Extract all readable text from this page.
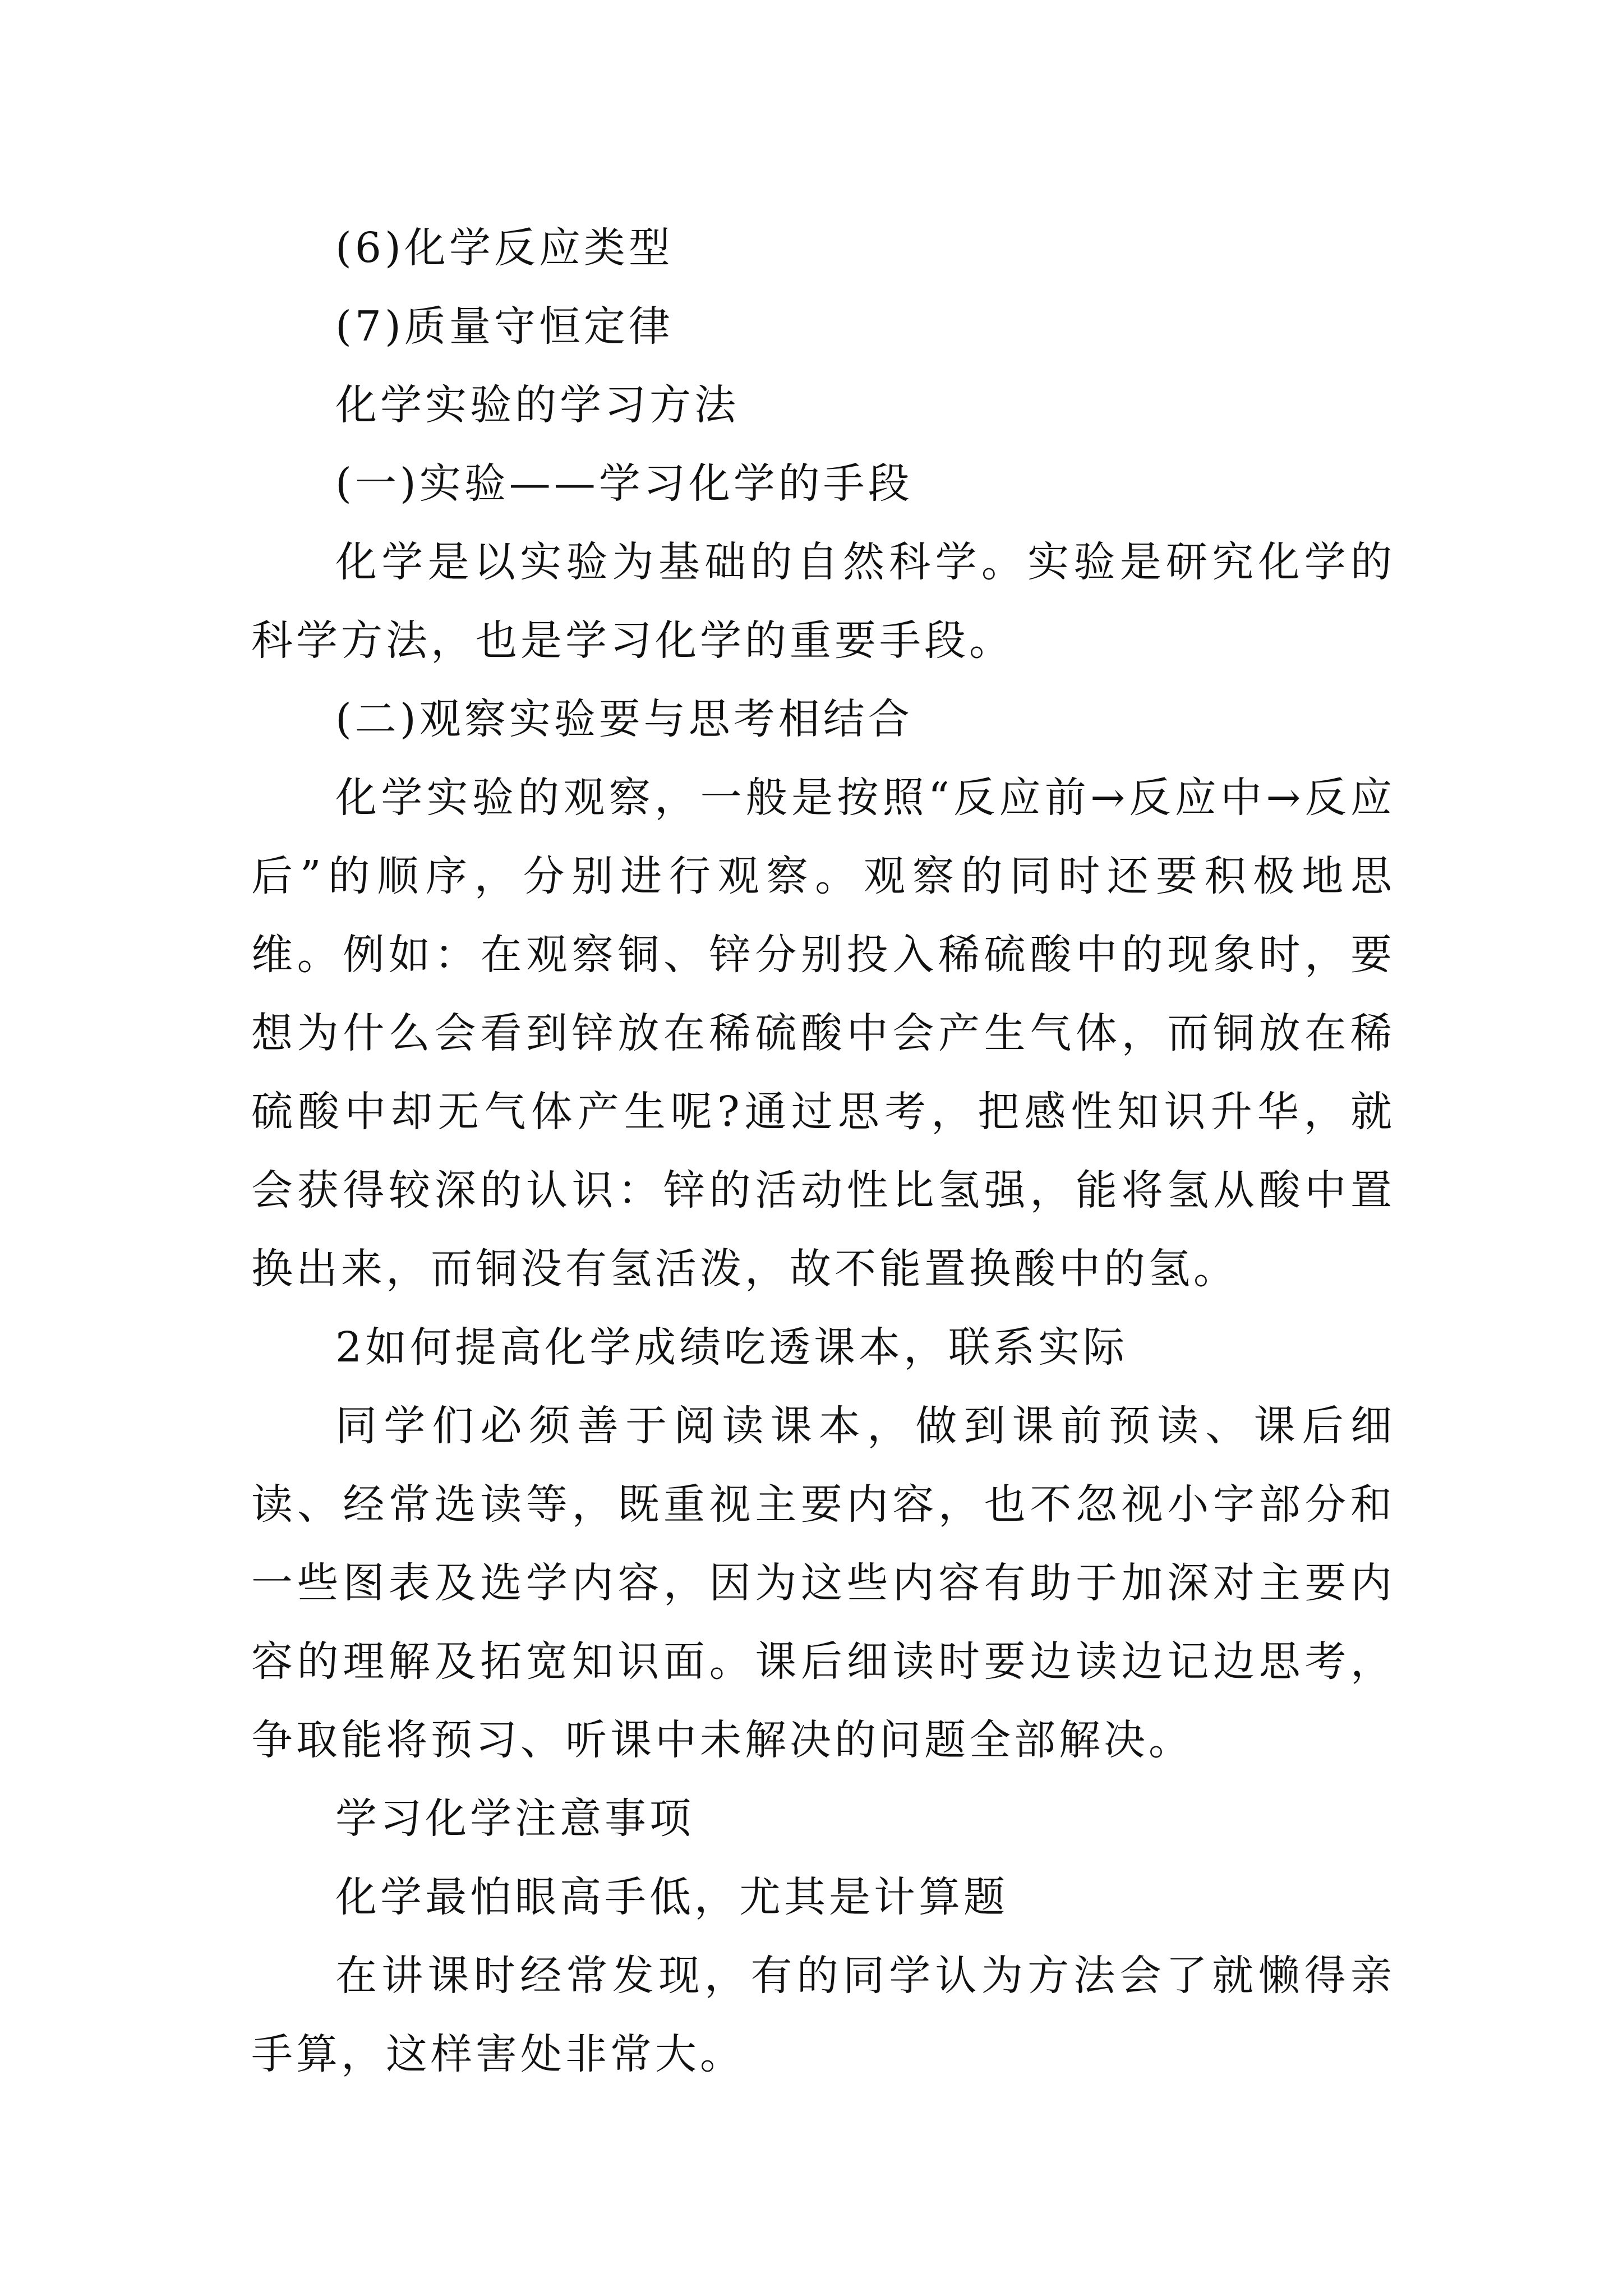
(6)化学反应类型

(7)质量守恒定律

化学实验的学习方法

(一)实验——学习化学的手段

化学是以实验为基础的自然科学。实验是研究化学的科学方法，也是学习化学的重要手段。

(二)观察实验要与思考相结合

化学实验的观察，一般是按照“反应前→反应中→反应后”的顺序，分别进行观察。观察的同时还要积极地思维。例如：在观察铜、锌分别投入稀硫酸中的现象时，要想为什么会看到锌放在稀硫酸中会产生气体，而铜放在稀硫酸中却无气体产生呢?通过思考，把感性知识升华，就会获得较深的认识：锌的活动性比氢强，能将氢从酸中置换出来，而铜没有氢活泼，故不能置换酸中的氢。

2如何提高化学成绩吃透课本，联系实际

同学们必须善于阅读课本，做到课前预读、课后细读、经常选读等，既重视主要内容，也不忽视小字部分和一些图表及选学内容，因为这些内容有助于加深对主要内容的理解及拓宽知识面。课后细读时要边读边记边思考，争取能将预习、听课中未解决的问题全部解决。

学习化学注意事项

化学最怕眼高手低，尤其是计算题

在讲课时经常发现，有的同学认为方法会了就懒得亲手算，这样害处非常大。
